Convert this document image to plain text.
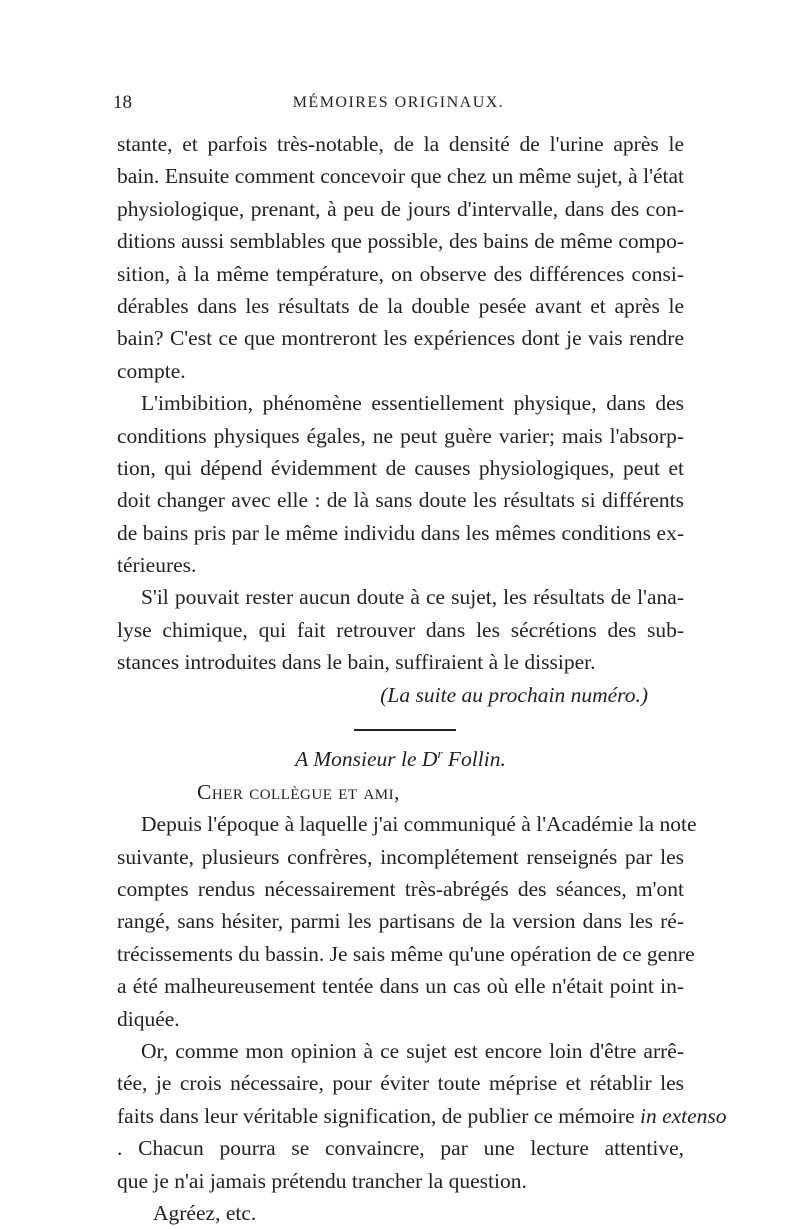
18	MÉMOIRES ORIGINAUX.
stante, et parfois très-notable, de la densité de l'urine après le
bain. Ensuite comment concevoir que chez un même sujet, à l'état
physiologique, prenant, à peu de jours d'intervalle, dans des con-
ditions aussi semblables que possible, des bains de même compo-
sition, à la même température, on observe des différences consi-
dérables dans les résultats de la double pesée avant et après le
bain? C'est ce que montreront les expériences dont je vais rendre
compte.
L'imbibition, phénomène essentiellement physique, dans des
conditions physiques égales, ne peut guère varier; mais l'absorp-
tion, qui dépend évidemment de causes physiologiques, peut et
doit changer avec elle : de là sans doute les résultats si différents
de bains pris par le même individu dans les mêmes conditions ex-
térieures.
S'il pouvait rester aucun doute à ce sujet, les résultats de l'ana-
lyse chimique, qui fait retrouver dans les sécrétions des sub-
stances introduites dans le bain, suffiraient à le dissiper.
(La suite au prochain numéro.)
A Monsieur le $D^r$ Follin.
Cher collègue et ami,
Depuis l'époque à laquelle j'ai communiqué à l'Académie la note
suivante, plusieurs confrères, incomplétement renseignés par les
comptes rendus nécessairement très-abrégés des séances, m'ont
rangé, sans hésiter, parmi les partisans de la version dans les ré-
trécissements du bassin. Je sais même qu'une opération de ce genre
a été malheureusement tentée dans un cas où elle n'était point in-
diquée.
Or, comme mon opinion à ce sujet est encore loin d'être arrê-
tée, je crois nécessaire, pour éviter toute méprise et rétablir les
faits dans leur véritable signification, de publier ce mémoire in extenso
. Chacun pourra se convaincre, par une lecture attentive,
que je n'ai jamais prétendu trancher la question.
Agréez, etc.
